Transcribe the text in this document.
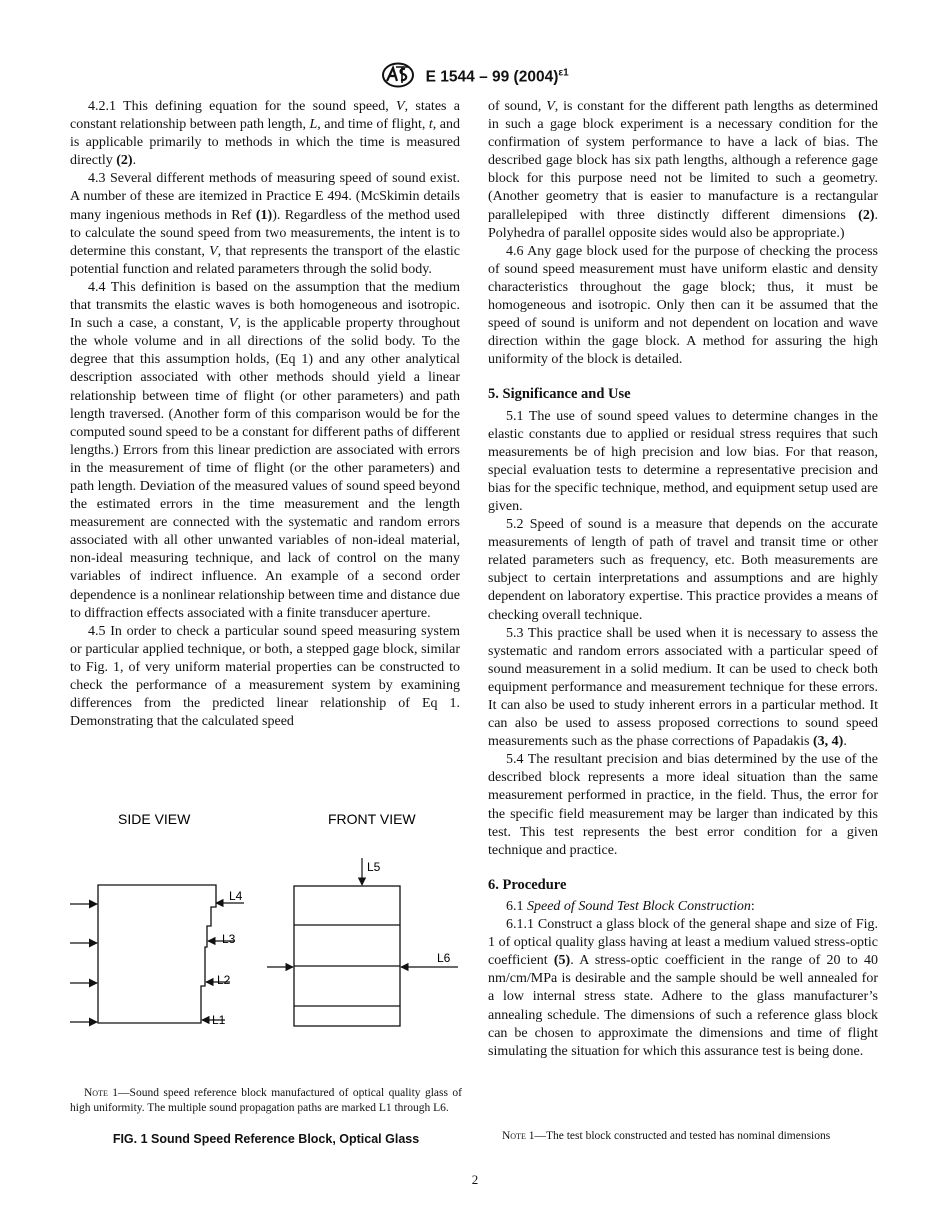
E 1544 – 99 $(2004)^{\varepsilon 1}$

4.2.1 This defining equation for the sound speed, V, states a constant relationship between path length, L, and time of flight, t, and is applicable primarily to methods in which the time is measured directly (2).

4.3 Several different methods of measuring speed of sound exist. A number of these are itemized in Practice E 494. (McSkimin details many ingenious methods in Ref (1)). Regardless of the method used to calculate the sound speed from two measurements, the intent is to determine this constant, V, that represents the transport of the elastic potential function and related parameters through the solid body.

4.4 This definition is based on the assumption that the medium that transmits the elastic waves is both homogeneous and isotropic. In such a case, a constant, V, is the applicable property throughout the whole volume and in all directions of the solid body. To the degree that this assumption holds, (Eq 1) and any other analytical description associated with other methods should yield a linear relationship between time of flight (or other parameters) and path length traversed. (Another form of this comparison would be for the computed sound speed to be a constant for different paths of different lengths.) Errors from this linear prediction are associated with errors in the measurement of time of flight (or the other parameters) and path length. Deviation of the measured values of sound speed beyond the estimated errors in the time measurement and the length measurement are connected with the systematic and random errors associated with all other unwanted variables of non-ideal material, non-ideal measuring technique, and lack of control on the many variables of indirect influence. An example of a second order dependence is a nonlinear relationship between time and distance due to diffraction effects associated with a finite transducer aperture.

4.5 In order to check a particular sound speed measuring system or particular applied technique, or both, a stepped gage block, similar to Fig. 1, of very uniform material properties can be constructed to check the performance of a measurement system by examining differences from the predicted linear relationship of Eq 1. Demonstrating that the calculated speed

SIDE VIEW
L4
L3
L2
L1
FRONT VIEW
L5
L6
Note 1—Sound speed reference block manufactured of optical quality glass of high uniformity. The multiple sound propagation paths are marked L1 through L6.
FIG. 1 Sound Speed Reference Block, Optical Glass

of sound, V, is constant for the different path lengths as determined in such a gage block experiment is a necessary condition for the confirmation of system performance to have a lack of bias. The described gage block has six path lengths, although a reference gage block for this purpose need not be limited to such a geometry. (Another geometry that is easier to manufacture is a rectangular parallelepiped with three distinctly different dimensions (2). Polyhedra of parallel opposite sides would also be appropriate.)

4.6 Any gage block used for the purpose of checking the process of sound speed measurement must have uniform elastic and density characteristics throughout the gage block; thus, it must be homogeneous and isotropic. Only then can it be assumed that the speed of sound is uniform and not dependent on location and wave direction within the gage block. A method for assuring the high uniformity of the block is detailed.

5. Significance and Use

5.1 The use of sound speed values to determine changes in the elastic constants due to applied or residual stress requires that such measurements be of high precision and low bias. For that reason, special evaluation tests to determine a representative precision and bias for the specific technique, method, and equipment setup used are given.

5.2 Speed of sound is a measure that depends on the accurate measurements of length of path of travel and transit time or other related parameters such as frequency, etc. Both measurements are subject to certain interpretations and assumptions and are highly dependent on laboratory expertise. This practice provides a means of checking overall technique.

5.3 This practice shall be used when it is necessary to assess the systematic and random errors associated with a particular speed of sound measurement in a solid medium. It can be used to check both equipment performance and measurement technique for these errors. It can also be used to study inherent errors in a particular method. It can also be used to assess proposed corrections to sound speed measurements such as the phase corrections of Papadakis (3, 4).

5.4 The resultant precision and bias determined by the use of the described block represents a more ideal situation than the same measurement performed in practice, in the field. Thus, the error for the specific field measurement may be larger than indicated by this test. This test represents the best error condition for a given technique and practice.

6. Procedure

6.1 Speed of Sound Test Block Construction:

6.1.1 Construct a glass block of the general shape and size of Fig. 1 of optical quality glass having at least a medium valued stress-optic coefficient (5). A stress-optic coefficient in the range of 20 to 40 nm/cm/MPa is desirable and the sample should be well annealed for a low internal stress state. Adhere to the glass manufacturer’s annealing schedule. The dimensions of such a reference glass block can be chosen to approximate the dimensions and time of flight simulating the situation for which this assurance test is being done.

Note 1—The test block constructed and tested has nominal dimensions
2
